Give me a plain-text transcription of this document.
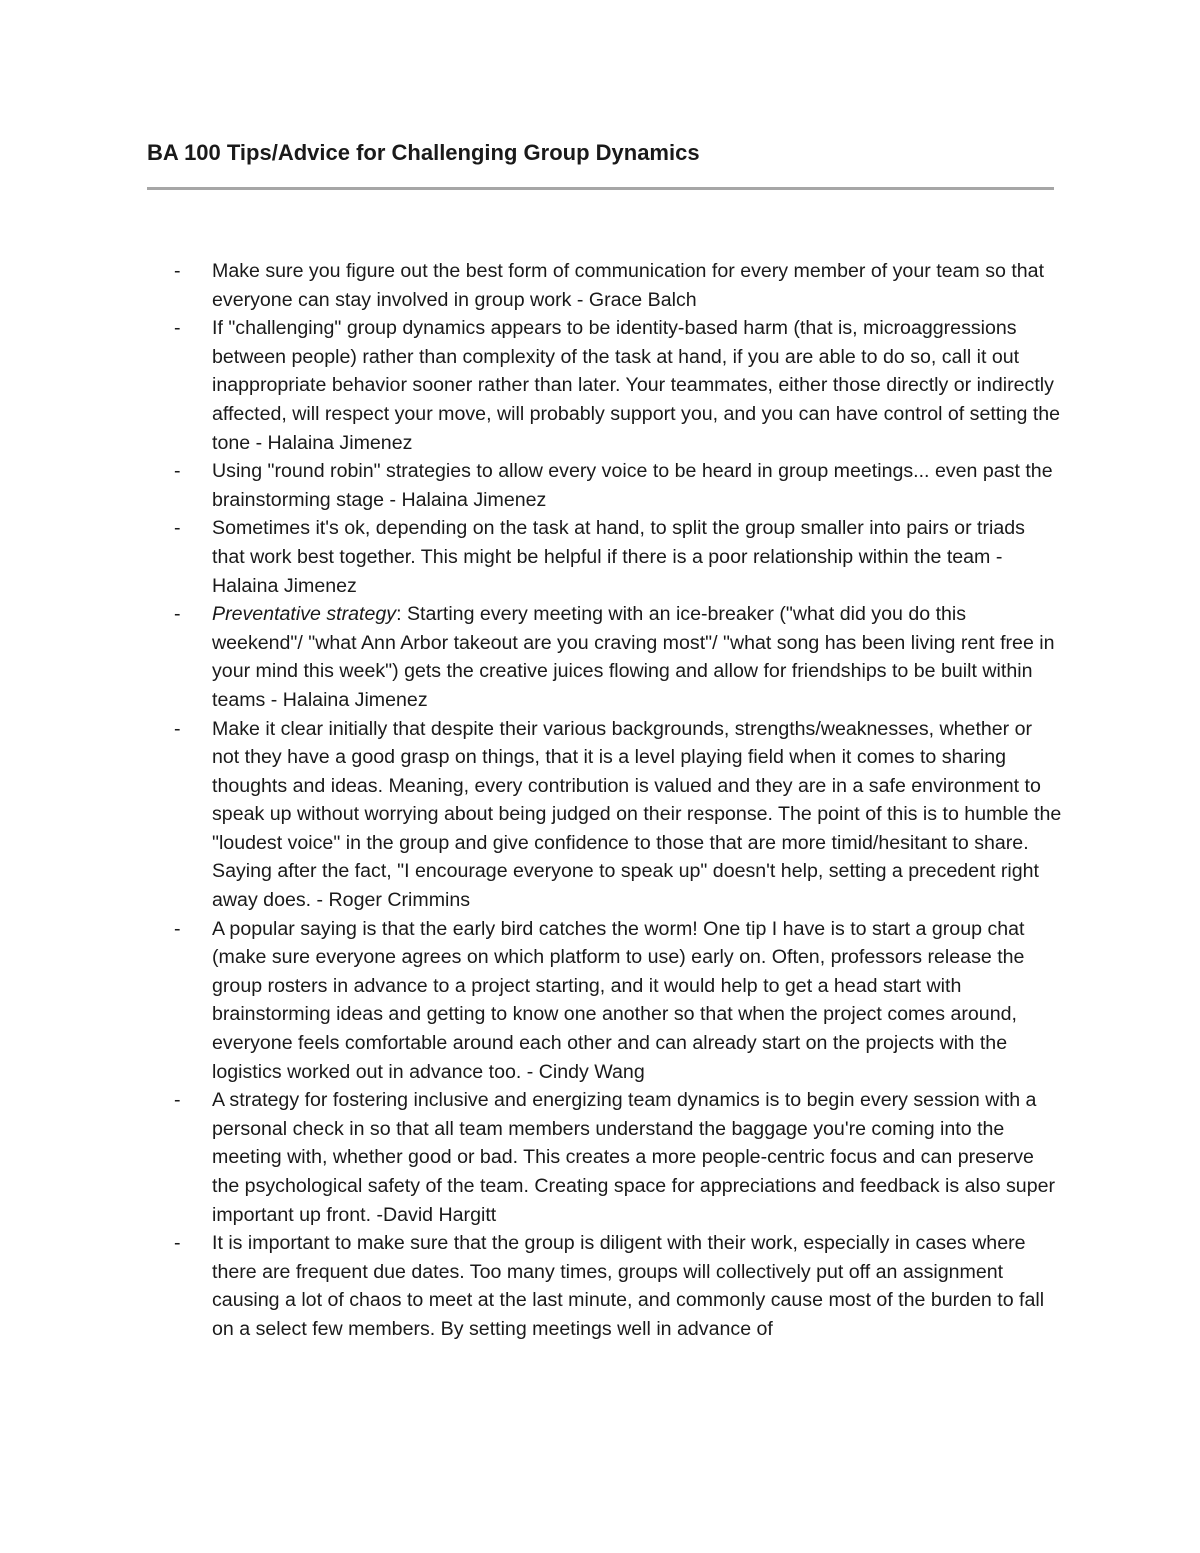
BA 100 Tips/Advice for Challenging Group Dynamics
- Make sure you figure out the best form of communication for every member of your team so that everyone can stay involved in group work - Grace Balch
- If "challenging" group dynamics appears to be identity-based harm (that is, microaggressions between people) rather than complexity of the task at hand, if you are able to do so, call it out inappropriate behavior sooner rather than later. Your teammates, either those directly or indirectly affected, will respect your move, will probably support you, and you can have control of setting the tone - Halaina Jimenez
- Using "round robin" strategies to allow every voice to be heard in group meetings... even past the brainstorming stage - Halaina Jimenez
- Sometimes it's ok, depending on the task at hand, to split the group smaller into pairs or triads that work best together. This might be helpful if there is a poor relationship within the team - Halaina Jimenez
- Preventative strategy: Starting every meeting with an ice-breaker ("what did you do this weekend"/ "what Ann Arbor takeout are you craving most"/ "what song has been living rent free in your mind this week") gets the creative juices flowing and allow for friendships to be built within teams - Halaina Jimenez
- Make it clear initially that despite their various backgrounds, strengths/weaknesses, whether or not they have a good grasp on things, that it is a level playing field when it comes to sharing thoughts and ideas. Meaning, every contribution is valued and they are in a safe environment to speak up without worrying about being judged on their response. The point of this is to humble the "loudest voice" in the group and give confidence to those that are more timid/hesitant to share. Saying after the fact, "I encourage everyone to speak up" doesn't help, setting a precedent right away does. - Roger Crimmins
- A popular saying is that the early bird catches the worm! One tip I have is to start a group chat (make sure everyone agrees on which platform to use) early on. Often, professors release the group rosters in advance to a project starting, and it would help to get a head start with brainstorming ideas and getting to know one another so that when the project comes around, everyone feels comfortable around each other and can already start on the projects with the logistics worked out in advance too. - Cindy Wang
- A strategy for fostering inclusive and energizing team dynamics is to begin every session with a personal check in so that all team members understand the baggage you're coming into the meeting with, whether good or bad. This creates a more people-centric focus and can preserve the psychological safety of the team. Creating space for appreciations and feedback is also super important up front. -David Hargitt
- It is important to make sure that the group is diligent with their work, especially in cases where there are frequent due dates. Too many times, groups will collectively put off an assignment causing a lot of chaos to meet at the last minute, and commonly cause most of the burden to fall on a select few members. By setting meetings well in advance of
